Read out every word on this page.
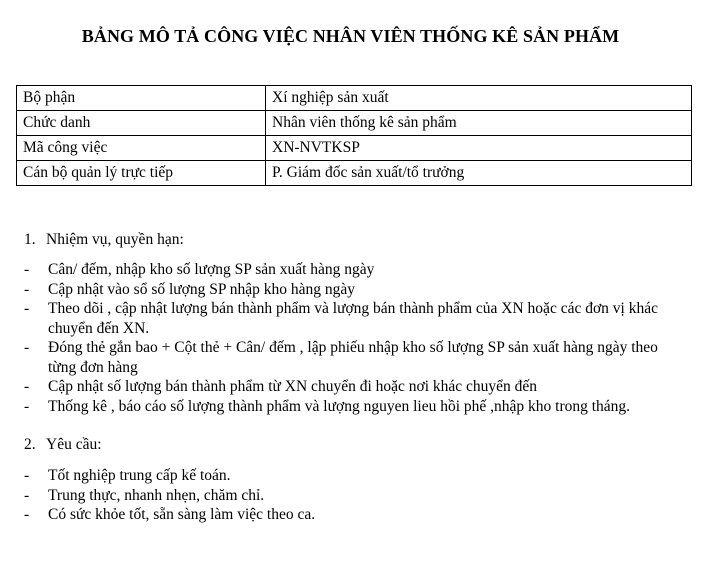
BẢNG MÔ TẢ CÔNG VIỆC NHÂN VIÊN THỐNG KÊ SẢN PHẨM
Bộ phận	Xí nghiệp sản xuất
Chức danh	Nhân viên thống kê sản phẩm
Mã công việc	XN-NVTKSP
Cán bộ quản lý trực tiếp	P. Giám đốc sản xuất/tổ trưởng
1. Nhiệm vụ, quyền hạn:
- Cân/ đếm, nhập kho số lượng SP sản xuất hàng ngày
- Cập nhật vào sổ số lượng SP nhập kho hàng ngày
- Theo dõi , cập nhật lượng bán thành phẩm và lượng bán thành phẩm của XN hoặc các đơn vị khác chuyển đến XN.
- Đóng thẻ gắn bao + Cột thẻ + Cân/ đếm , lập phiếu nhập kho số lượng SP sản xuất hàng ngày theo từng đơn hàng
- Cập nhật số lượng bán thành phẩm từ XN chuyển đi hoặc nơi khác chuyển đến
- Thống kê , báo cáo số lượng thành phẩm và lượng nguyen lieu hồi phế ,nhập kho trong tháng.
2. Yêu cầu:
- Tốt nghiệp trung cấp kế toán.
- Trung thực, nhanh nhẹn, chăm chỉ.
- Có sức khỏe tốt, sẵn sàng làm việc theo ca.
